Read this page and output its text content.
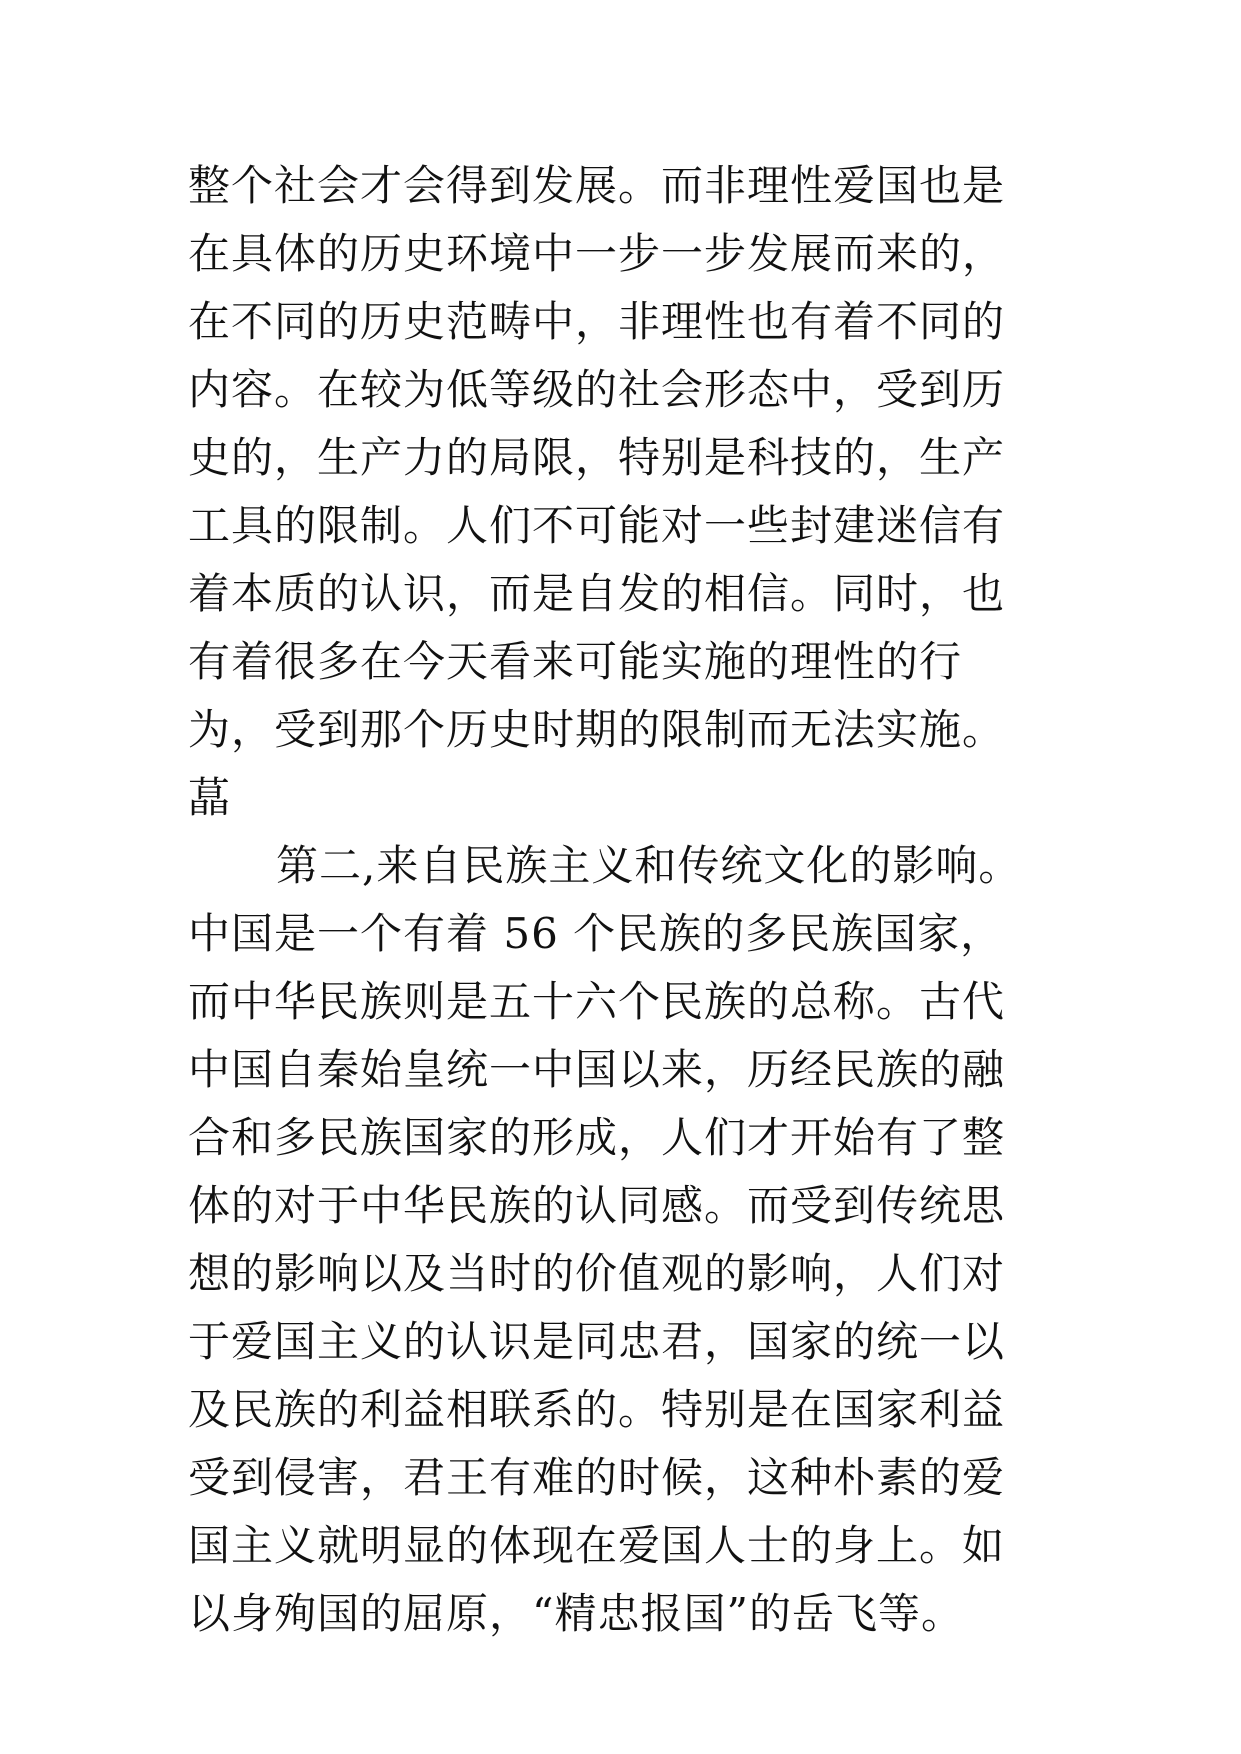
整个社会才会得到发展。而非理性爱国也是
在具体的历史环境中一步一步发展而来的，
在不同的历史范畴中，非理性也有着不同的
内容。在较为低等级的社会形态中，受到历
史的，生产力的局限，特别是科技的，生产
工具的限制。人们不可能对一些封建迷信有
着本质的认识，而是自发的相信。同时，也
有着很多在今天看来可能实施的理性的行
为，受到那个历史时期的限制而无法实施。
蕌
第二,来自民族主义和传统文化的影响。
中国是一个有着 56 个民族的多民族国家，
而中华民族则是五十六个民族的总称。古代
中国自秦始皇统一中国以来，历经民族的融
合和多民族国家的形成，人们才开始有了整
体的对于中华民族的认同感。而受到传统思
想的影响以及当时的价值观的影响，人们对
于爱国主义的认识是同忠君，国家的统一以
及民族的利益相联系的。特别是在国家利益
受到侵害，君王有难的时候，这种朴素的爱
国主义就明显的体现在爱国人士的身上。如
以身殉国的屈原，“精忠报国”的岳飞等。
